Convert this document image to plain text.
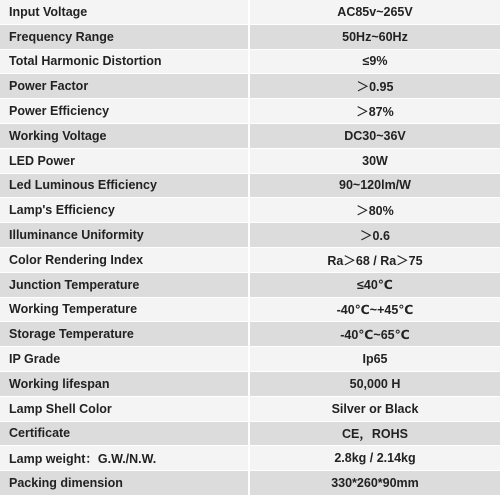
Input Voltage	AC85v~265V
Frequency Range	50Hz~60Hz
Total Harmonic Distortion	≤9%
Power Factor	＞0.95
Power Efficiency	＞87%
Working Voltage	DC30~36V
LED Power	30W
Led Luminous Efficiency	90~120lm/W
Lamp's Efficiency	＞80%
Illuminance Uniformity	＞0.6
Color Rendering Index	Ra＞68 / Ra＞75
Junction Temperature	≤40℃
Working Temperature	-40℃~+45℃
Storage Temperature	-40℃~65℃
IP Grade	Ip65
Working lifespan	50,000 H
Lamp Shell Color	Silver or Black
Certificate	CE，ROHS
Lamp weight：G.W./N.W.	2.8kg / 2.14kg
Packing dimension	330*260*90mm
